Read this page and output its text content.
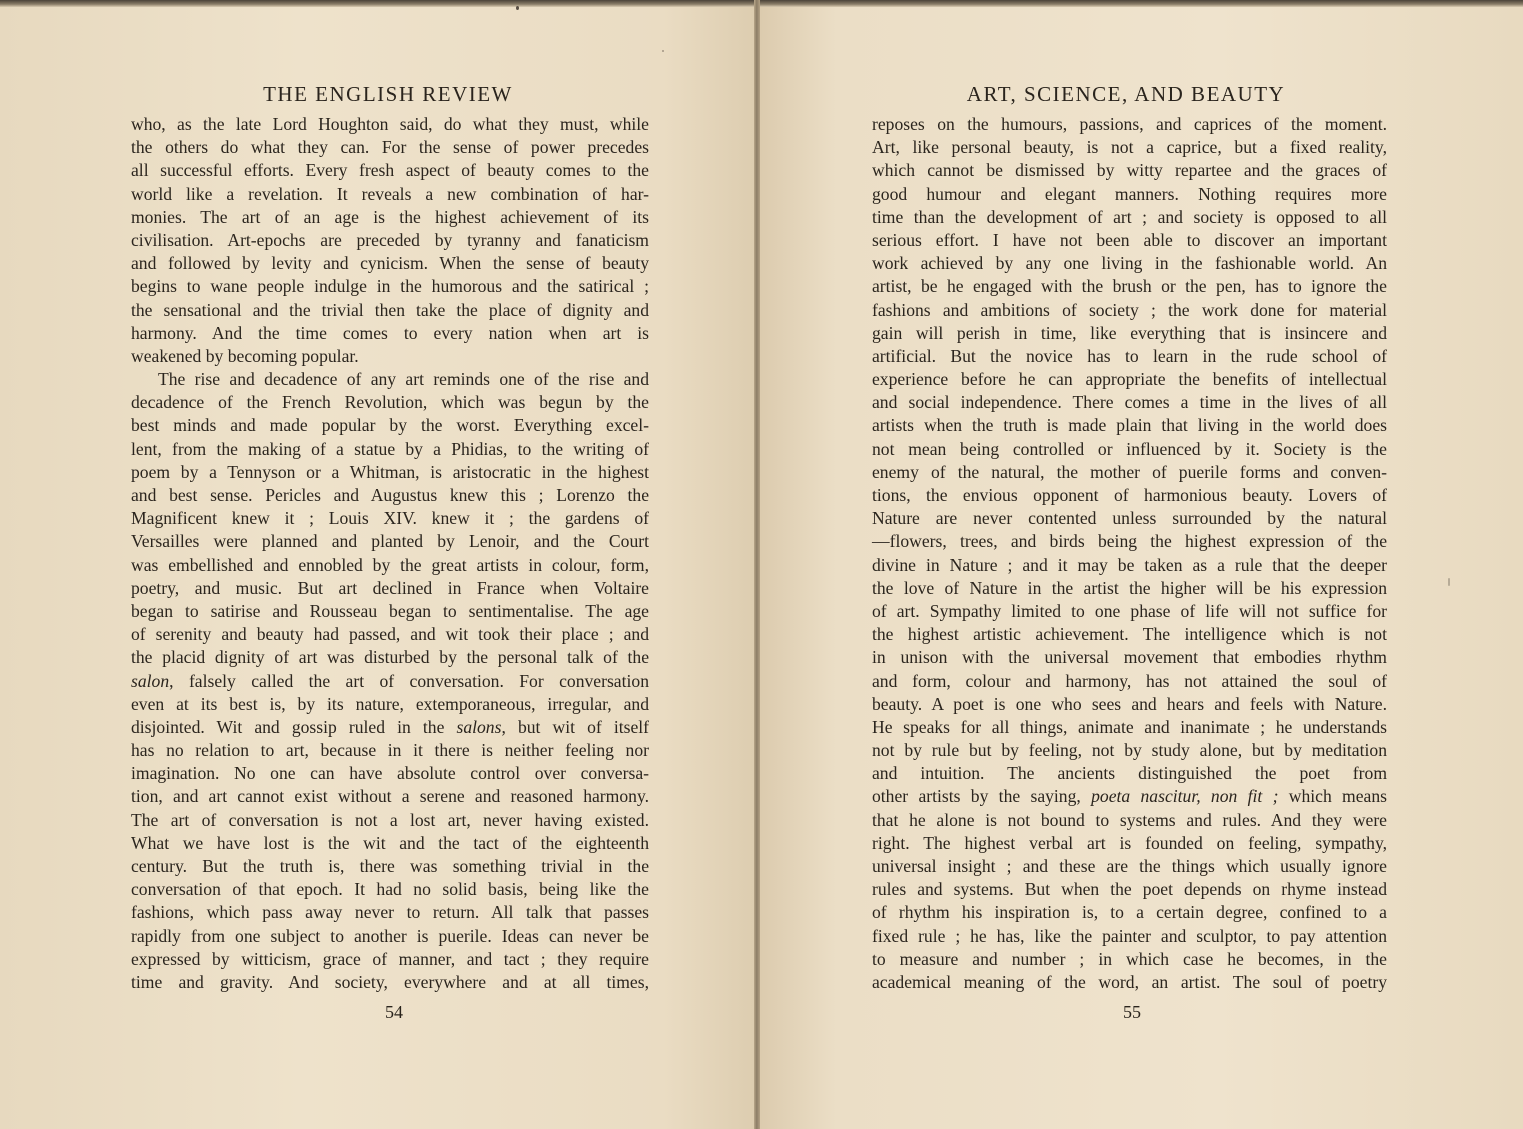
THE ENGLISH REVIEW
who, as the late Lord Houghton said, do what they must, while
the others do what they can. For the sense of power precedes
all successful efforts. Every fresh aspect of beauty comes to the
world like a revelation. It reveals a new combination of har-
monies. The art of an age is the highest achievement of its
civilisation. Art-epochs are preceded by tyranny and fanaticism
and followed by levity and cynicism. When the sense of beauty
begins to wane people indulge in the humorous and the satirical ;
the sensational and the trivial then take the place of dignity and
harmony. And the time comes to every nation when art is
weakened by becoming popular.
The rise and decadence of any art reminds one of the rise and
decadence of the French Revolution, which was begun by the
best minds and made popular by the worst. Everything excel-
lent, from the making of a statue by a Phidias, to the writing of
poem by a Tennyson or a Whitman, is aristocratic in the highest
and best sense. Pericles and Augustus knew this ; Lorenzo the
Magnificent knew it ; Louis XIV. knew it ; the gardens of
Versailles were planned and planted by Lenoir, and the Court
was embellished and ennobled by the great artists in colour, form,
poetry, and music. But art declined in France when Voltaire
began to satirise and Rousseau began to sentimentalise. The age
of serenity and beauty had passed, and wit took their place ; and
the placid dignity of art was disturbed by the personal talk of the
salon, falsely called the art of conversation. For conversation
even at its best is, by its nature, extemporaneous, irregular, and
disjointed. Wit and gossip ruled in the salons, but wit of itself
has no relation to art, because in it there is neither feeling nor
imagination. No one can have absolute control over conversa-
tion, and art cannot exist without a serene and reasoned harmony.
The art of conversation is not a lost art, never having existed.
What we have lost is the wit and the tact of the eighteenth
century. But the truth is, there was something trivial in the
conversation of that epoch. It had no solid basis, being like the
fashions, which pass away never to return. All talk that passes
rapidly from one subject to another is puerile. Ideas can never be
expressed by witticism, grace of manner, and tact ; they require
time and gravity. And society, everywhere and at all times,
54
ART, SCIENCE, AND BEAUTY
reposes on the humours, passions, and caprices of the moment.
Art, like personal beauty, is not a caprice, but a fixed reality,
which cannot be dismissed by witty repartee and the graces of
good humour and elegant manners. Nothing requires more
time than the development of art ; and society is opposed to all
serious effort. I have not been able to discover an important
work achieved by any one living in the fashionable world. An
artist, be he engaged with the brush or the pen, has to ignore the
fashions and ambitions of society ; the work done for material
gain will perish in time, like everything that is insincere and
artificial. But the novice has to learn in the rude school of
experience before he can appropriate the benefits of intellectual
and social independence. There comes a time in the lives of all
artists when the truth is made plain that living in the world does
not mean being controlled or influenced by it. Society is the
enemy of the natural, the mother of puerile forms and conven-
tions, the envious opponent of harmonious beauty. Lovers of
Nature are never contented unless surrounded by the natural
—flowers, trees, and birds being the highest expression of the
divine in Nature ; and it may be taken as a rule that the deeper
the love of Nature in the artist the higher will be his expression
of art. Sympathy limited to one phase of life will not suffice for
the highest artistic achievement. The intelligence which is not
in unison with the universal movement that embodies rhythm
and form, colour and harmony, has not attained the soul of
beauty. A poet is one who sees and hears and feels with Nature.
He speaks for all things, animate and inanimate ; he understands
not by rule but by feeling, not by study alone, but by meditation
and intuition. The ancients distinguished the poet from
other artists by the saying, poeta nascitur, non fit ; which means
that he alone is not bound to systems and rules. And they were
right. The highest verbal art is founded on feeling, sympathy,
universal insight ; and these are the things which usually ignore
rules and systems. But when the poet depends on rhyme instead
of rhythm his inspiration is, to a certain degree, confined to a
fixed rule ; he has, like the painter and sculptor, to pay attention
to measure and number ; in which case he becomes, in the
academical meaning of the word, an artist. The soul of poetry
55
